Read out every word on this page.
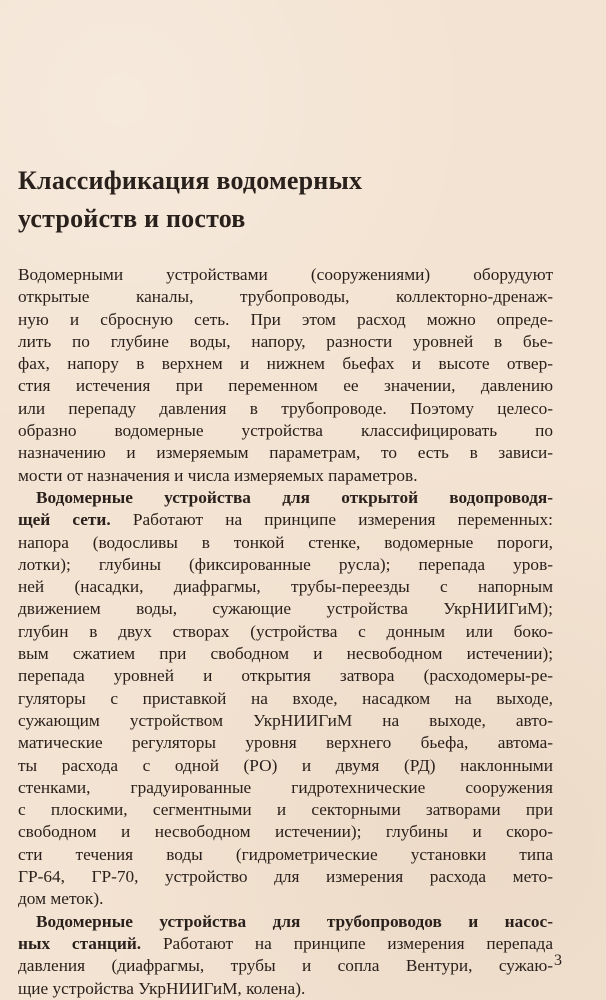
Классификация водомерных
устройств и постов
Водомерными устройствами (сооружениями) оборудуют
открытые каналы, трубопроводы, коллекторно-дренаж-
ную и сбросную сеть. При этом расход можно опреде-
лить по глубине воды, напору, разности уровней в бье-
фах, напору в верхнем и нижнем бьефах и высоте отвер-
стия истечения при переменном ее значении, давлению
или перепаду давления в трубопроводе. Поэтому целесо-
образно водомерные устройства классифицировать по
назначению и измеряемым параметрам, то есть в зависи-
мости от назначения и числа измеряемых параметров.
Водомерные устройства для открытой водопроводя-
щей сети. Работают на принципе измерения переменных:
напора (водосливы в тонкой стенке, водомерные пороги,
лотки); глубины (фиксированные русла); перепада уров-
ней (насадки, диафрагмы, трубы-переезды с напорным
движением воды, сужающие устройства УкрНИИГиМ);
глубин в двух створах (устройства с донным или боко-
вым сжатием при свободном и несвободном истечении);
перепада уровней и открытия затвора (расходомеры-ре-
гуляторы с приставкой на входе, насадком на выходе,
сужающим устройством УкрНИИГиМ на выходе, авто-
матические регуляторы уровня верхнего бьефа, автома-
ты расхода с одной (РО) и двумя (РД) наклонными
стенками, градуированные гидротехнические сооружения
с плоскими, сегментными и секторными затворами при
свободном и несвободном истечении); глубины и скоро-
сти течения воды (гидрометрические установки типа
ГР-64, ГР-70, устройство для измерения расхода мето-
дом меток).
Водомерные устройства для трубопроводов и насос-
ных станций. Работают на принципе измерения перепада
давления (диафрагмы, трубы и сопла Вентури, сужаю-
щие устройства УкрНИИГиМ, колена).
3
